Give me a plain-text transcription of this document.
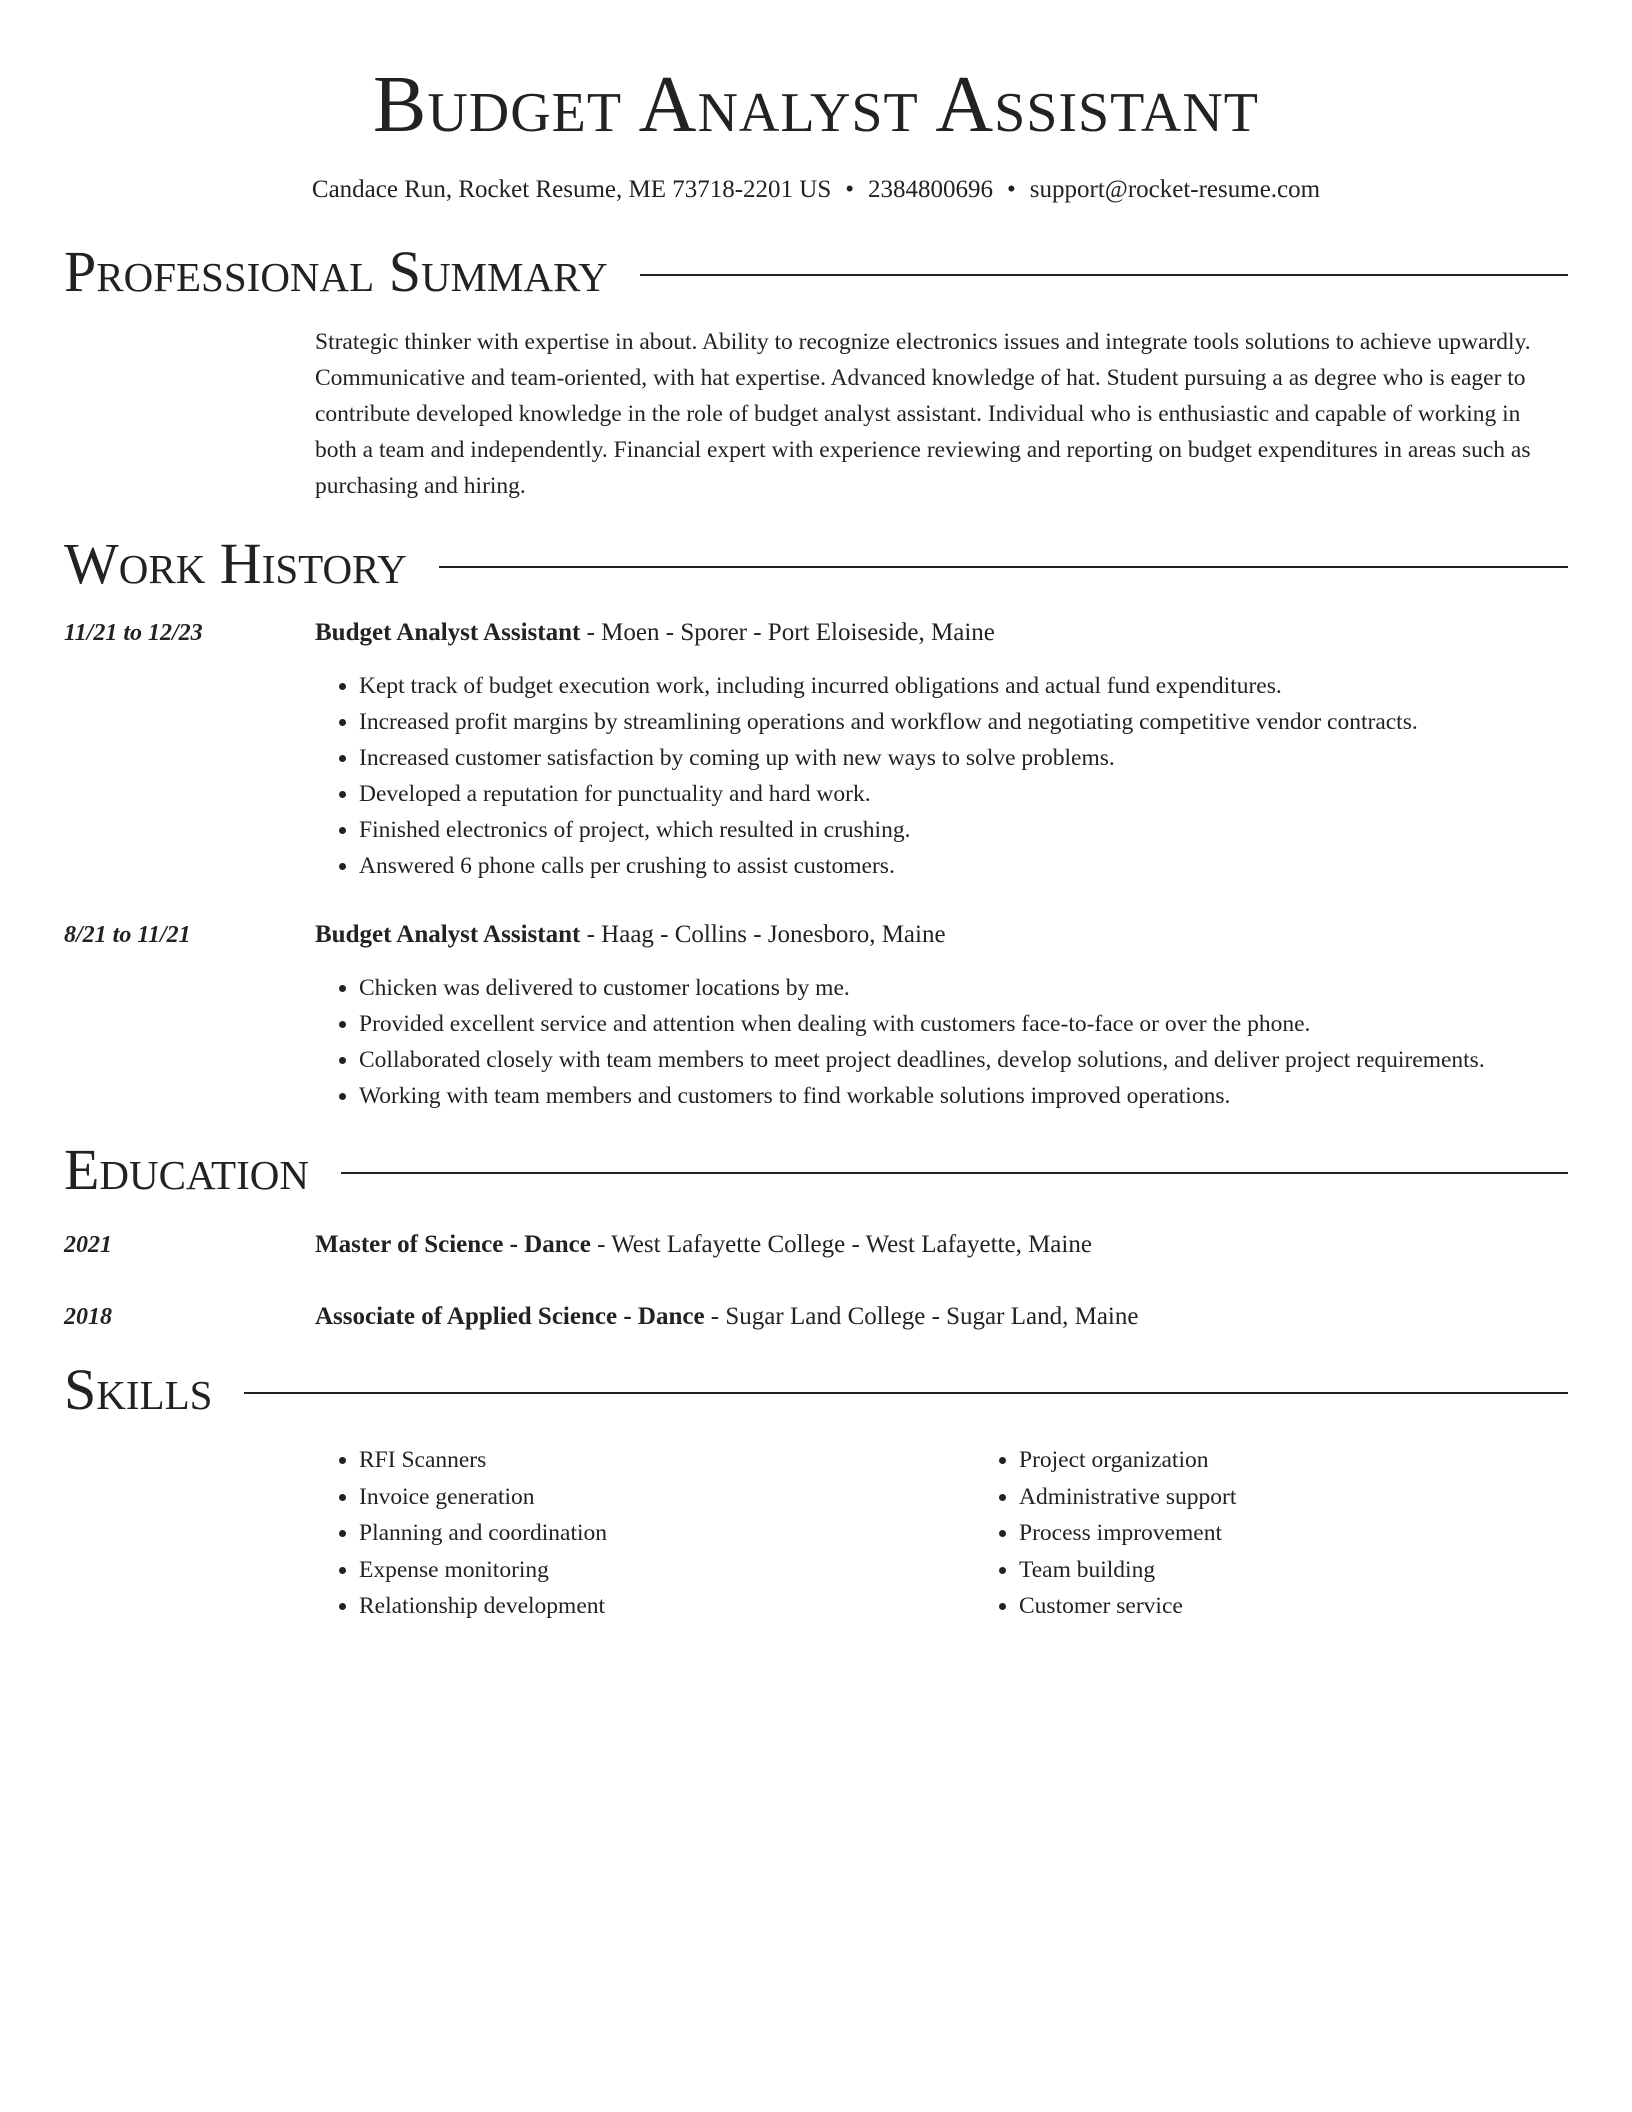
Budget Analyst Assistant
Candace Run, Rocket Resume, ME 73718-2201 US • 2384800696 • support@rocket-resume.com
Professional Summary
Strategic thinker with expertise in about. Ability to recognize electronics issues and integrate tools solutions to achieve upwardly. Communicative and team-oriented, with hat expertise. Advanced knowledge of hat. Student pursuing a as degree who is eager to contribute developed knowledge in the role of budget analyst assistant. Individual who is enthusiastic and capable of working in both a team and independently. Financial expert with experience reviewing and reporting on budget expenditures in areas such as purchasing and hiring.
Work History
11/21 to 12/23	Budget Analyst Assistant - Moen - Sporer - Port Eloiseside, Maine
• Kept track of budget execution work, including incurred obligations and actual fund expenditures.
• Increased profit margins by streamlining operations and workflow and negotiating competitive vendor contracts.
• Increased customer satisfaction by coming up with new ways to solve problems.
• Developed a reputation for punctuality and hard work.
• Finished electronics of project, which resulted in crushing.
• Answered 6 phone calls per crushing to assist customers.
8/21 to 11/21	Budget Analyst Assistant - Haag - Collins - Jonesboro, Maine
• Chicken was delivered to customer locations by me.
• Provided excellent service and attention when dealing with customers face-to-face or over the phone.
• Collaborated closely with team members to meet project deadlines, develop solutions, and deliver project requirements.
• Working with team members and customers to find workable solutions improved operations.
Education
2021	Master of Science - Dance - West Lafayette College - West Lafayette, Maine
2018	Associate of Applied Science - Dance - Sugar Land College - Sugar Land, Maine
Skills
• RFI Scanners
• Invoice generation
• Planning and coordination
• Expense monitoring
• Relationship development
• Project organization
• Administrative support
• Process improvement
• Team building
• Customer service
